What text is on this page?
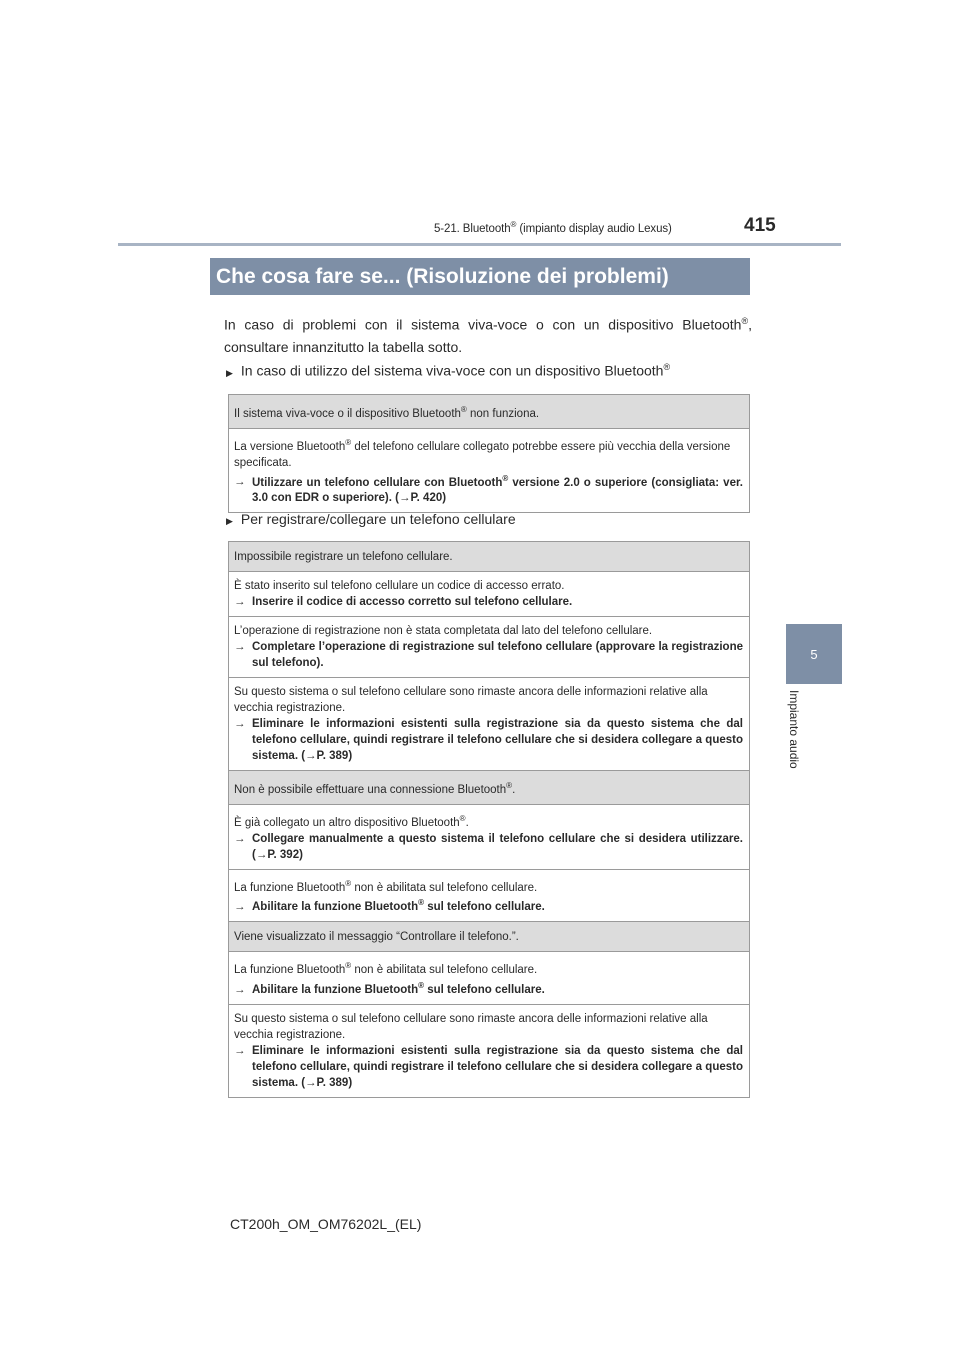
5-21. Bluetooth® (impianto display audio Lexus)	415
5
Impianto audio
Che cosa fare se... (Risoluzione dei problemi)
In caso di problemi con il sistema viva-voce o con un dispositivo Bluetooth®, consultare innanzitutto la tabella sotto.
▶ In caso di utilizzo del sistema viva-voce con un dispositivo Bluetooth®
Il sistema viva-voce o il dispositivo Bluetooth® non funziona.

La versione Bluetooth® del telefono cellulare collegato potrebbe essere più vecchia della versione specificata.
→ Utilizzare un telefono cellulare con Bluetooth® versione 2.0 o superiore (consigliata: ver. 3.0 con EDR o superiore). (→P. 420)
▶ Per registrare/collegare un telefono cellulare
Impossibile registrare un telefono cellulare.

È stato inserito sul telefono cellulare un codice di accesso errato.
→ Inserire il codice di accesso corretto sul telefono cellulare.

L’operazione di registrazione non è stata completata dal lato del telefono cellulare.
→ Completare l’operazione di registrazione sul telefono cellulare (approvare la registrazione sul telefono).

Su questo sistema o sul telefono cellulare sono rimaste ancora delle informazioni relative alla vecchia registrazione.
→ Eliminare le informazioni esistenti sulla registrazione sia da questo sistema che dal telefono cellulare, quindi registrare il telefono cellulare che si desidera collegare a questo sistema. (→P. 389)

Non è possibile effettuare una connessione Bluetooth®.

È già collegato un altro dispositivo Bluetooth®.
→ Collegare manualmente a questo sistema il telefono cellulare che si desidera utilizzare. (→P. 392)

La funzione Bluetooth® non è abilitata sul telefono cellulare.
→ Abilitare la funzione Bluetooth® sul telefono cellulare.

Viene visualizzato il messaggio “Controllare il telefono.”.

La funzione Bluetooth® non è abilitata sul telefono cellulare.
→ Abilitare la funzione Bluetooth® sul telefono cellulare.

Su questo sistema o sul telefono cellulare sono rimaste ancora delle informazioni relative alla vecchia registrazione.
→ Eliminare le informazioni esistenti sulla registrazione sia da questo sistema che dal telefono cellulare, quindi registrare il telefono cellulare che si desidera collegare a questo sistema. (→P. 389)
CT200h_OM_OM76202L_(EL)
